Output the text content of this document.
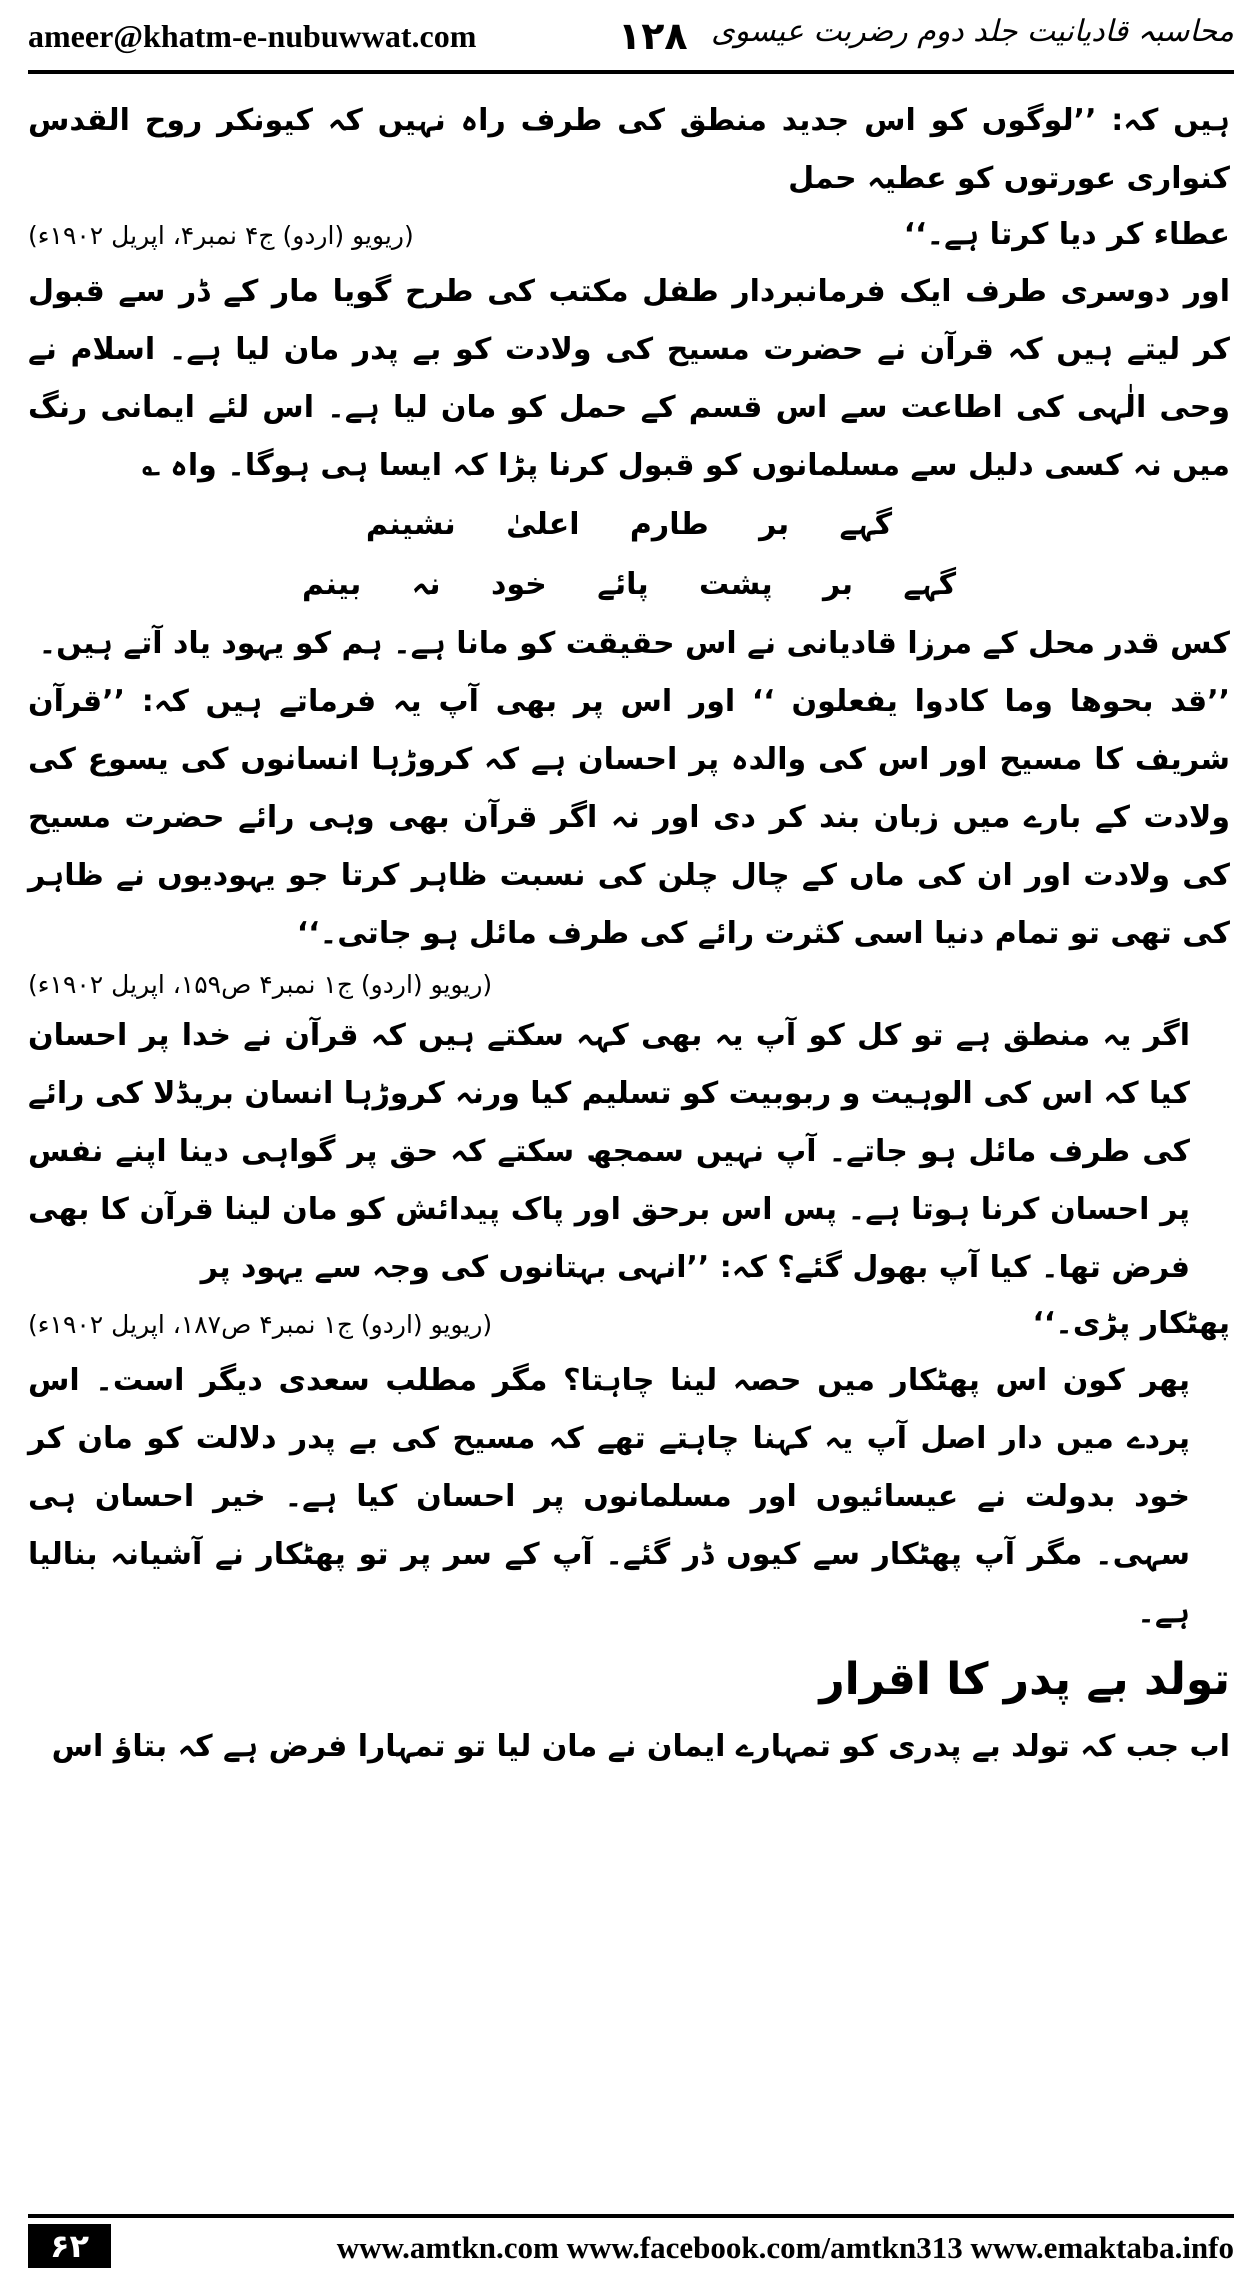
ameer@khatm-e-nubuwwat.com	۱۲۸ محاسبہ قادیانیت جلد دوم رضربت عیسوی

ہیں کہ: ’’لوگوں کو اس جدید منطق کی طرف راہ نہیں کہ کیونکر روح القدس کنواری عورتوں کو عطیہ حمل

عطاء کر دیا کرتا ہے۔‘‘
(ریویو (اردو) ج۴ نمبر۴، اپریل ۱۹۰۲ء)

اور دوسری طرف ایک فرمانبردار طفل مکتب کی طرح گویا مار کے ڈر سے قبول کر لیتے ہیں کہ قرآن نے حضرت مسیح کی ولادت کو بے پدر مان لیا ہے۔ اسلام نے وحی الٰہی کی اطاعت سے اس قسم کے حمل کو مان لیا ہے۔ اس لئے ایمانی رنگ میں نہ کسی دلیل سے مسلمانوں کو قبول کرنا پڑا کہ ایسا ہی ہوگا۔ واہ ؎

گہے بر طارم اعلیٰ نشینم
گہے بر پشت پائے خود نہ بینم

کس قدر محل کے مرزا قادیانی نے اس حقیقت کو مانا ہے۔ ہم کو یہود یاد آتے ہیں۔

’’قد بحوھا وما کادوا یفعلون ‘‘ اور اس پر بھی آپ یہ فرماتے ہیں کہ: ’’قرآن شریف کا مسیح اور اس کی والدہ پر احسان ہے کہ کروڑہا انسانوں کی یسوع کی ولادت کے بارے میں زبان بند کر دی اور نہ اگر قرآن بھی وہی رائے حضرت مسیح کی ولادت اور ان کی ماں کے چال چلن کی نسبت ظاہر کرتا جو یہودیوں نے ظاہر کی تھی تو تمام دنیا اسی کثرت رائے کی طرف مائل ہو جاتی۔‘‘

(ریویو (اردو) ج۱ نمبر۴ ص۱۵۹، اپریل ۱۹۰۲ء)

اگر یہ منطق ہے تو کل کو آپ یہ بھی کہہ سکتے ہیں کہ قرآن نے خدا پر احسان کیا کہ اس کی الوہیت و ربوبیت کو تسلیم کیا ورنہ کروڑہا انسان بریڈلا کی رائے کی طرف مائل ہو جاتے۔ آپ نہیں سمجھ سکتے کہ حق پر گواہی دینا اپنے نفس پر احسان کرنا ہوتا ہے۔ پس اس برحق اور پاک پیدائش کو مان لینا قرآن کا بھی فرض تھا۔ کیا آپ بھول گئے؟ کہ: ’’انہی بہتانوں کی وجہ سے یہود پر

پھٹکار پڑی۔‘‘
(ریویو (اردو) ج۱ نمبر۴ ص۱۸۷، اپریل ۱۹۰۲ء)

پھر کون اس پھٹکار میں حصہ لینا چاہتا؟ مگر مطلب سعدی دیگر است۔ اس پردے میں دار اصل آپ یہ کہنا چاہتے تھے کہ مسیح کی بے پدر دلالت کو مان کر خود بدولت نے عیسائیوں اور مسلمانوں پر احسان کیا ہے۔ خیر احسان ہی سہی۔ مگر آپ پھٹکار سے کیوں ڈر گئے۔ آپ کے سر پر تو پھٹکار نے آشیانہ بنالیا ہے۔

تولد بے پدر کا اقرار

اب جب کہ تولد بے پدری کو تمہارے ایمان نے مان لیا تو تمہارا فرض ہے کہ بتاؤ اس

۶۲	www.amtkn.com www.facebook.com/amtkn313 www.emaktaba.info
